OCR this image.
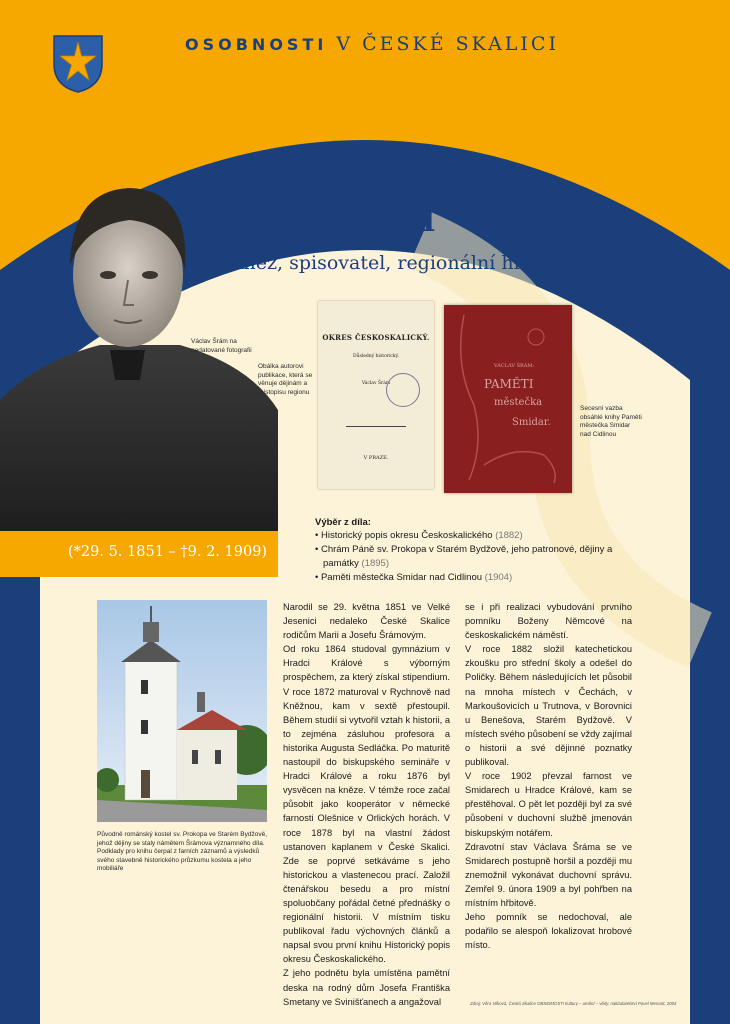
OSOBNOSTI V ČESKÉ SKALICI
Václav Šrám na nedatované fotografii
Václav ŠRÁM
kněz, spisovatel, regionální historik
Obálka autorovi publikace, která se věnuje dějinám a místopisu regionu
OKRES ČESKOSKALICKÝ.
Důsledný historický.
Václav Šrám
V PRAZE.
VÁCLAV ŠRÁM:
PAMĚTI
městečka
Smidar.
Secesní vazba obsáhlé knihy Paměti městečka Smidar nad Cidlinou
(*29. 5. 1851 – †9. 2. 1909)
Výběr z díla:
• Historický popis okresu Českoskalického (1882)
• Chrám Páně sv. Prokopa v Starém Bydžově, jeho patronové, dějiny a památky (1895)
• Paměti městečka Smidar nad Cidlinou (1904)
Původně románský kostel sv. Prokopa ve Starém Bydžově, jehož dějiny se staly námětem Šrámova významného díla. Podklady pro knihu čerpal z farních záznamů a výsledků svého stavebně historického průzkumu kostela a jeho mobiliáře

Narodil se 29. května 1851 ve Velké Jesenici nedaleko České Skalice rodičům Marii a Josefu Šrámovým.

Od roku 1864 studoval gymnázium v Hradci Králové s výborným prospěchem, za který získal stipendium. V roce 1872 maturoval v Rychnově nad Kněžnou, kam v sextě přestoupil. Během studií si vytvořil vztah k historii, a to zejména zásluhou profesora a historika Augusta Sedláčka. Po maturitě nastoupil do biskupského semináře v Hradci Králové a roku 1876 byl vysvěcen na kněze. V témže roce začal působit jako kooperátor v německé farnosti Olešnice v Orlických horách. V roce 1878 byl na vlastní žádost ustanoven kaplanem v České Skalici. Zde se poprvé setkáváme s jeho historickou a vlastenecou prací. Založil čtenářskou besedu a pro místní spoluobčany pořádal četné přednášky o regionální historii. V místním tisku publikoval řadu výchovných článků a napsal svou první knihu Historický popis okresu Českoskalického.

Z jeho podnětu byla umístěna pamětní deska na rodný dům Josefa Františka Smetany ve Svinišťanech a angažoval

se i při realizaci vybudování prvního pomníku Boženy Němcové na českoskalickém náměstí.

V roce 1882 složil katechetickou zkoušku pro střední školy a odešel do Poličky. Během následujících let působil na mnoha místech v Čechách, v Markoušovicích u Trutnova, v Borovnici u Benešova, Starém Bydžově. V místech svého působení se vždy zajímal o historii a své dějinné poznatky publikoval.

V roce 1902 převzal farnost ve Smidarech u Hradce Králové, kam se přestěhoval. O pět let později byl za své působení v duchovní službě jmenován biskupským notářem.

Zdravotní stav Václava Šráma se ve Smidarech postupně horšil a později mu znemožnil vykonávat duchovní správu. Zemřel 9. února 1909 a byl pohřben na místním hřbitově.

Jeho pomník se nedochoval, ale podařilo se alespoň lokalizovat hrobové místo.

Zdroj: Věra Vilková, Česká Skalice OBSIDMOSTI kultury – umění – vědy, nakladatelství Pavel Mervart, 2004
